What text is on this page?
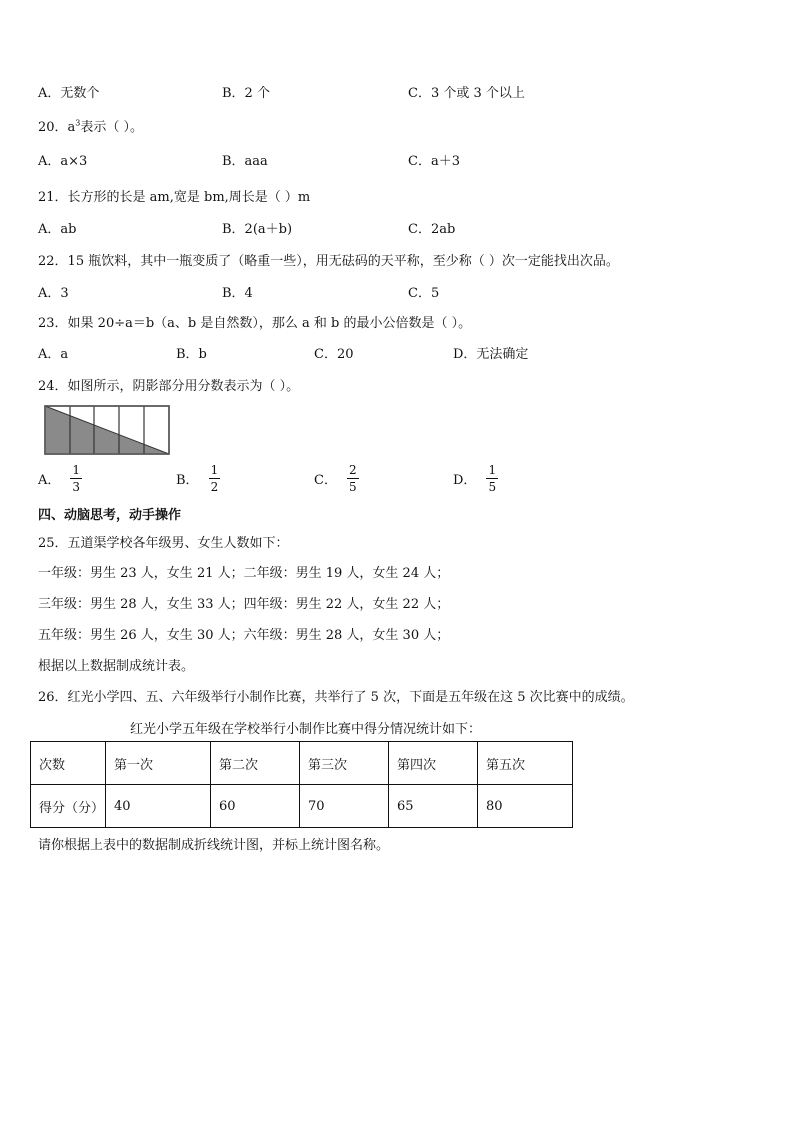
A．无数个	B．2 个	C．3 个或 3 个以上
20．$a^3$表示（ ）。
A．a×3	B．aaa	C．a＋3
21．长方形的长是 am,宽是 bm,周长是（ ）m
A．ab	B．2(a＋b)	C．2ab
22．15 瓶饮料，其中一瓶变质了（略重一些），用无砝码的天平称，至少称（ ）次一定能找出次品。
A．3	B．4	C．5
23．如果 20÷a＝b（a、b 是自然数），那么 a 和 b 的最小公倍数是（ ）。
A．a	B．b	C．20	D．无法确定
24．如图所示，阴影部分用分数表示为（ ）。
A． $\frac{1}{3}$	B． $\frac{1}{2}$	C． $\frac{2}{5}$	D． $\frac{1}{5}$
四、动脑思考，动手操作
25．五道渠学校各年级男、女生人数如下：
一年级：男生 23 人，女生 21 人；二年级：男生 19 人，女生 24 人；
三年级：男生 28 人，女生 33 人；四年级：男生 22 人，女生 22 人；
五年级：男生 26 人，女生 30 人；六年级：男生 28 人，女生 30 人；
根据以上数据制成统计表。
26．红光小学四、五、六年级举行小制作比赛，共举行了 5 次，下面是五年级在这 5 次比赛中的成绩。
红光小学五年级在学校举行小制作比赛中得分情况统计如下：
次数	第一次	第二次	第三次	第四次	第五次
得分（分）	40	60	70	65	80
请你根据上表中的数据制成折线统计图，并标上统计图名称。
